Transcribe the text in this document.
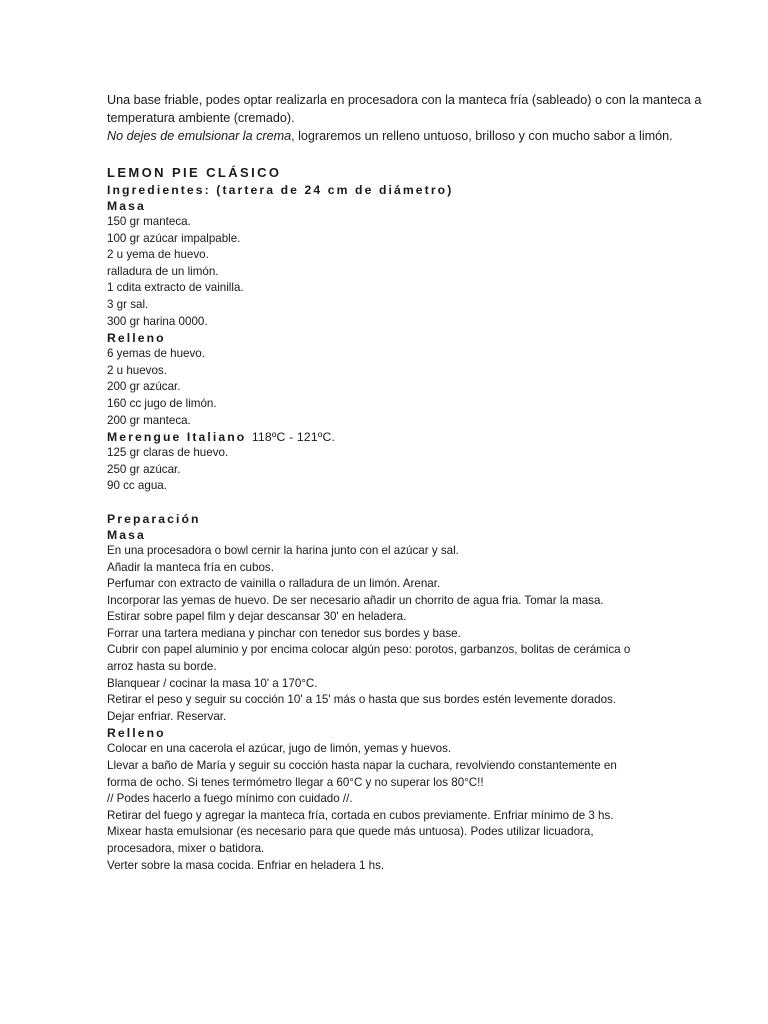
Una base friable, podes optar realizarla en procesadora con la manteca fría (sableado) o con la manteca a temperatura ambiente (cremado).

No dejes de emulsionar la crema, lograremos un relleno untuoso, brilloso y con mucho sabor a limón.

LEMON PIE CLÁSICO

Ingredientes: (tartera de 24 cm de diámetro)

Masa

150 gr manteca.
100 gr azúcar impalpable.
2 u yema de huevo.
ralladura de un limón.
1 cdita extracto de vainilla.
3 gr sal.
300 gr harina 0000.

Relleno

6 yemas de huevo.
2 u huevos.
200 gr azúcar.
160 cc jugo de limón.
200 gr manteca.

Merengue Italiano 118ºC - 121ºC.

125 gr claras de huevo.
250 gr azúcar.
90 cc agua.

Preparación

Masa

En una procesadora o bowl cernir la harina junto con el azúcar y sal.
Añadir la manteca fría en cubos.
Perfumar con extracto de vainilla o ralladura de un limón. Arenar.
Incorporar las yemas de huevo. De ser necesario añadir un chorrito de agua fria. Tomar la masa.
Estirar sobre papel film y dejar descansar 30' en heladera.
Forrar una tartera mediana y pinchar con tenedor sus bordes y base.
Cubrir con papel aluminio y por encima colocar algún peso: porotos, garbanzos, bolitas de cerámica o
arroz hasta su borde.
Blanquear / cocinar la masa 10' a 170°C.
Retirar el peso y seguir su cocción 10' a 15' más o hasta que sus bordes estén levemente dorados.
Dejar enfriar. Reservar.

Relleno

Colocar en una cacerola el azúcar, jugo de limón, yemas y huevos.
Llevar a baño de María y seguir su cocción hasta napar la cuchara, revolviendo constantemente en
forma de ocho. Si tenes termómetro llegar a 60°C y no superar los 80°C!!
// Podes hacerlo a fuego mínimo con cuidado //.
Retirar del fuego y agregar la manteca fría, cortada en cubos previamente. Enfriar mínimo de 3 hs.
Mixear hasta emulsionar (es necesario para que quede más untuosa). Podes utilizar licuadora,
procesadora, mixer o batidora.
Verter sobre la masa cocida. Enfriar en heladera 1 hs.
